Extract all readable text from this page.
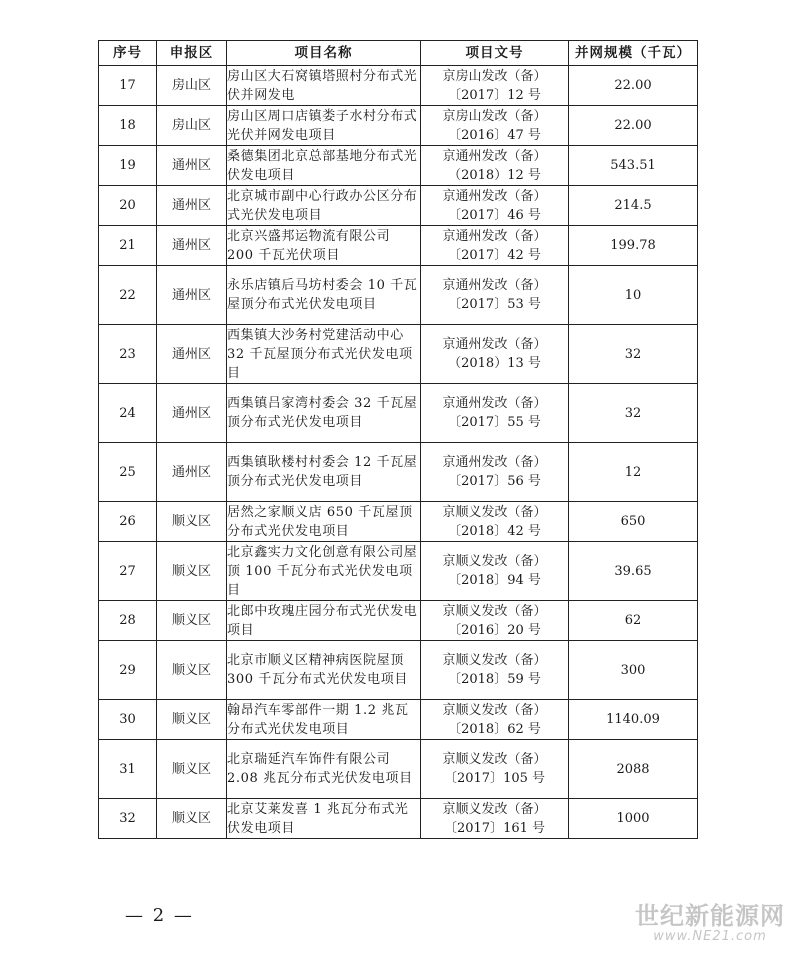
序号	申报区	项目名称	项目文号	并网规模（千瓦）
17	房山区	房山区大石窝镇塔照村分布式光伏并网发电	京房山发改（备）
〔2017〕12 号	22.00
18	房山区	房山区周口店镇娄子水村分布式光伏并网发电项目	京房山发改（备）
〔2016〕47 号	22.00
19	通州区	桑德集团北京总部基地分布式光伏发电项目	京通州发改（备）
（2018）12 号	543.51
20	通州区	北京城市副中心行政办公区分布式光伏发电项目	京通州发改（备）
〔2017〕46 号	214.5
21	通州区	北京兴盛邦运物流有限公司 200 千瓦光伏项目	京通州发改（备）
〔2017〕42 号	199.78
22	通州区	永乐店镇后马坊村委会 10 千瓦屋顶分布式光伏发电项目	京通州发改（备）
〔2017〕53 号	10
23	通州区	西集镇大沙务村党建活动中心 32 千瓦屋顶分布式光伏发电项目	京通州发改（备）
（2018）13 号	32
24	通州区	西集镇吕家湾村委会 32 千瓦屋顶分布式光伏发电项目	京通州发改（备）
〔2017〕55 号	32
25	通州区	西集镇耿楼村村委会 12 千瓦屋顶分布式光伏发电项目	京通州发改（备）
〔2017〕56 号	12
26	顺义区	居然之家顺义店 650 千瓦屋顶分布式光伏发电项目	京顺义发改（备）
〔2018〕42 号	650
27	顺义区	北京鑫实力文化创意有限公司屋顶 100 千瓦分布式光伏发电项目	京顺义发改（备）
〔2018〕94 号	39.65
28	顺义区	北郎中玫瑰庄园分布式光伏发电项目	京顺义发改（备）
〔2016〕20 号	62
29	顺义区	北京市顺义区精神病医院屋顶 300 千瓦分布式光伏发电项目	京顺义发改（备）
〔2018〕59 号	300
30	顺义区	翰昂汽车零部件一期 1.2 兆瓦分布式光伏发电项目	京顺义发改（备）
〔2018〕62 号	1140.09
31	顺义区	北京瑞延汽车饰件有限公司 2.08 兆瓦分布式光伏发电项目	京顺义发改（备）
〔2017〕105 号	2088
32	顺义区	北京艾莱发喜 1 兆瓦分布式光伏发电项目	京顺义发改（备）
〔2017〕161 号	1000
— 2 —	世纪新能源网
www.NE21.com
